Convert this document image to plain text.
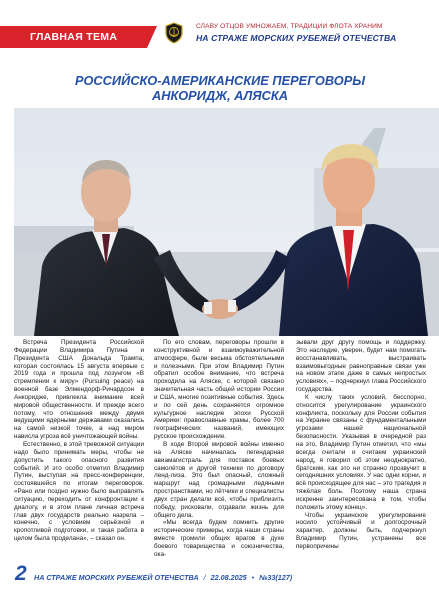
ГЛАВНАЯ ТЕМА
СЛАВУ ОТЦОВ УМНОЖАЕМ, ТРАДИЦИИ ФЛОТА ХРАНИМ
НА СТРАЖЕ МОРСКИХ РУБЕЖЕЙ ОТЕЧЕСТВА
РОССИЙСКО-АМЕРИКАНСКИЕ ПЕРЕГОВОРЫ
АНКОРИДЖ, АЛЯСКА

Встреча Президента Российской Федерации Владимира Путина и Президента США Дональда Трампа, которая состоялась 15 августа впервые с 2019 года и прошла под лозунгом «В стремлении к миру» (Pursuing peace) на военной базе Элмендорф-Ричардсон в Анкоридже, привлекла внимание всей мировой общественности. И прежде всего потому, что отношения между двумя ведущими ядерными державами оказались на самой низкой точке, а над миром нависла угроза всё уничтожающей войны.

Естественно, в этой тревожной ситуации надо было принимать меры, чтобы не допустить такого опасного развития событий. И это особо отметил Владимир Путин, выступая на пресс-конференции, состоявшейся по итогам переговоров. «Рано или поздно нужно было выправлять ситуацию, переходить от конфронтации к диалогу, и в этом плане личная встреча глав двух государств реально назрела – конечно, с условием серьёзной и кропотливой подготовки, и такая работа в целом была проделана», – сказал он.

По его словам, переговоры прошли в конструктивной и взаимоуважительной атмосфере, были весьма обстоятельными и полезными. При этом Владимир Путин обратил особое внимание, что встреча проходила на Аляске, с которой связано значительная часть общей истории России и США, многие позитивные события. Здесь и по сей день сохраняется огромное культурное наследие эпохи Русской Америки: православные храмы, более 700 географических названий, имеющих русское происхождение.

В ходе Второй мировой войны именно на Аляске начиналась легендарная авиамагистраль для поставок боевых самолётов и другой техники по договору ленд-лиза. Это был опасный, сложный маршрут над громадными ледяными пространствами, но лётчики и специалисты двух стран делали всё, чтобы приблизить победу, рисковали, отдавали жизнь для общего дела.

«Мы всегда будем помнить другие исторические примеры, когда наши страны вместе громили общих врагов в духе боевого товарищества и союзничества, ока-

зывали друг другу помощь и поддержку. Это наследие, уверен, будет нам помогать восстанавливать, выстраивать взаимовыгодные равноправные связи уже на новом этапе даже в самых непростых условиях», – подчеркнул глава Российского государства.

К числу таких условий, бесспорно, относится урегулирование украинского конфликта, поскольку для России события на Украине связаны с фундаментальными угрозами нашей национальной безопасности. Указывая в очередной раз на это, Владимир Путин отметил, что «мы всегда считали и считаем украинский народ, я говорил об этом неоднократно, братским, как это ни странно прозвучит в сегодняшних условиях. У нас одни корни, и всё происходящее для нас – это трагедия и тяжёлая боль. Поэтому наша страна искренне заинтересована в том, чтобы положить этому конец».

Чтобы украинское урегулирование носило устойчивый и долгосрочный характер, должны быть, подчеркнул Владимир Путин, устранены все первопричины

2 НА СТРАЖЕ МОРСКИХ РУБЕЖЕЙ ОТЕЧЕСТВА / 22.08.2025 • №33(127)
